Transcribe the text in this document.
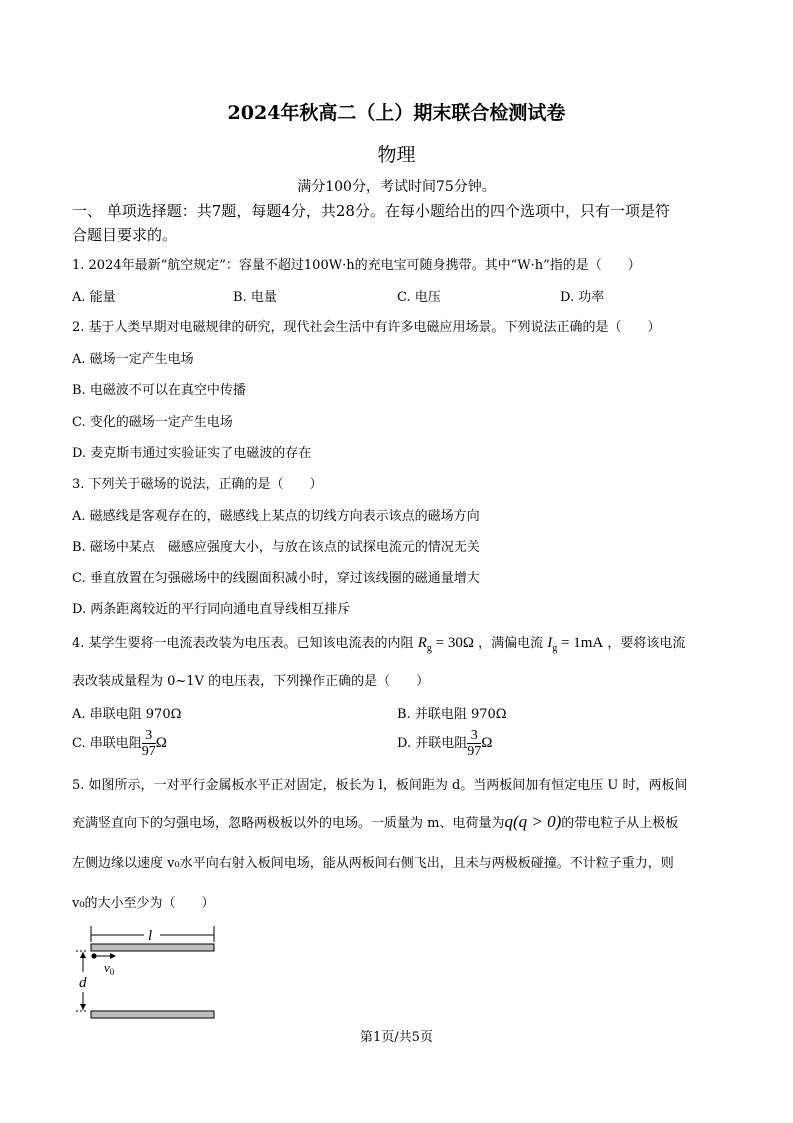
2024年秋高二（上）期末联合检测试卷
物理
满分100分，考试时间75分钟。
一、 单项选择题：共7题，每题4分，共28分。在每小题给出的四个选项中，只有一项是符
合题目要求的。
1. 2024年最新“航空规定”：容量不超过100W·h的充电宝可随身携带。其中“W·h”指的是（　　）
A. 能量	B. 电量	C. 电压	D. 功率
2. 基于人类早期对电磁规律的研究，现代社会生活中有许多电磁应用场景。下列说法正确的是（　　）
A. 磁场一定产生电场
B. 电磁波不可以在真空中传播
C. 变化的磁场一定产生电场
D. 麦克斯韦通过实验证实了电磁波的存在
3. 下列关于磁场的说法，正确的是（　　）
A. 磁感线是客观存在的，磁感线上某点的切线方向表示该点的磁场方向
B. 磁场中某点　磁感应强度大小，与放在该点的试探电流元的情况无关
C. 垂直放置在匀强磁场中的线圈面积减小时，穿过该线圈的磁通量增大
D. 两条距离较近的平行同向通电直导线相互排斥
4. 某学生要将一电流表改装为电压表。已知该电流表的内阻 $R_g = 30\Omega$ ，满偏电流 $I_g = 1mA$ ，要将该电流
表改装成量程为 0~1V 的电压表，下列操作正确的是（　　）
A. 串联电阻 970Ω	B. 并联电阻 970Ω
C. 串联电阻 $\frac{3}{97}$ Ω	D. 并联电阻 $\frac{3}{97}$ Ω
5. 如图所示，一对平行金属板水平正对固定，板长为 l，板间距为 d。当两板间加有恒定电压 U 时，两板间
充满竖直向下的匀强电场，忽略两极板以外的电场。一质量为 m、电荷量为q(q > 0)的带电粒子从上极板
左侧边缘以速度 v₀水平向右射入板间电场，能从两板间右侧飞出，且未与两极板碰撞。不计粒子重力，则
v₀的大小至少为（　　）
l
d
$v_0$
第1页/共5页
